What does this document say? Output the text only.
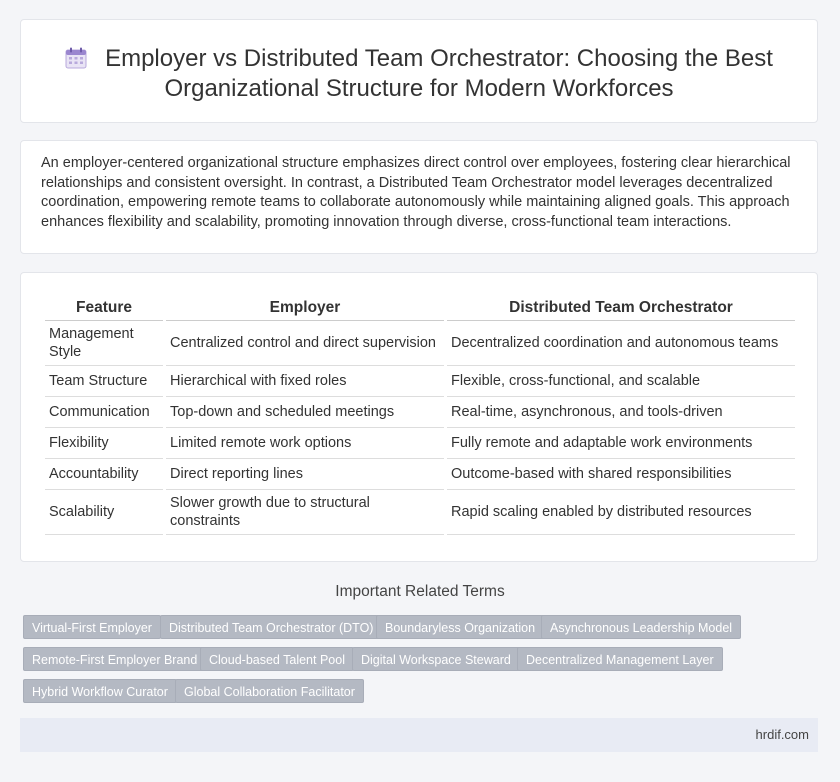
Employer vs Distributed Team Orchestrator: Choosing the Best Organizational Structure for Modern Workforces

An employer-centered organizational structure emphasizes direct control over employees, fostering clear hierarchical relationships and consistent oversight. In contrast, a Distributed Team Orchestrator model leverages decentralized coordination, empowering remote teams to collaborate autonomously while maintaining aligned goals. This approach enhances flexibility and scalability, promoting innovation through diverse, cross-functional team interactions.

Feature	Employer	Distributed Team Orchestrator
Management Style	Centralized control and direct supervision	Decentralized coordination and autonomous teams
Team Structure	Hierarchical with fixed roles	Flexible, cross-functional, and scalable
Communication	Top-down and scheduled meetings	Real-time, asynchronous, and tools-driven
Flexibility	Limited remote work options	Fully remote and adaptable work environments
Accountability	Direct reporting lines	Outcome-based with shared responsibilities
Scalability	Slower growth due to structural constraints	Rapid scaling enabled by distributed resources
Important Related Terms
Virtual-First Employer	Distributed Team Orchestrator (DTO) Boundaryless Organization	Asynchronous Leadership Model
Remote-First Employer Brand Cloud-based Talent Pool	Digital Workspace Steward	Decentralized Management Layer
Hybrid Workflow Curator	Global Collaboration Facilitator
hrdif.com
